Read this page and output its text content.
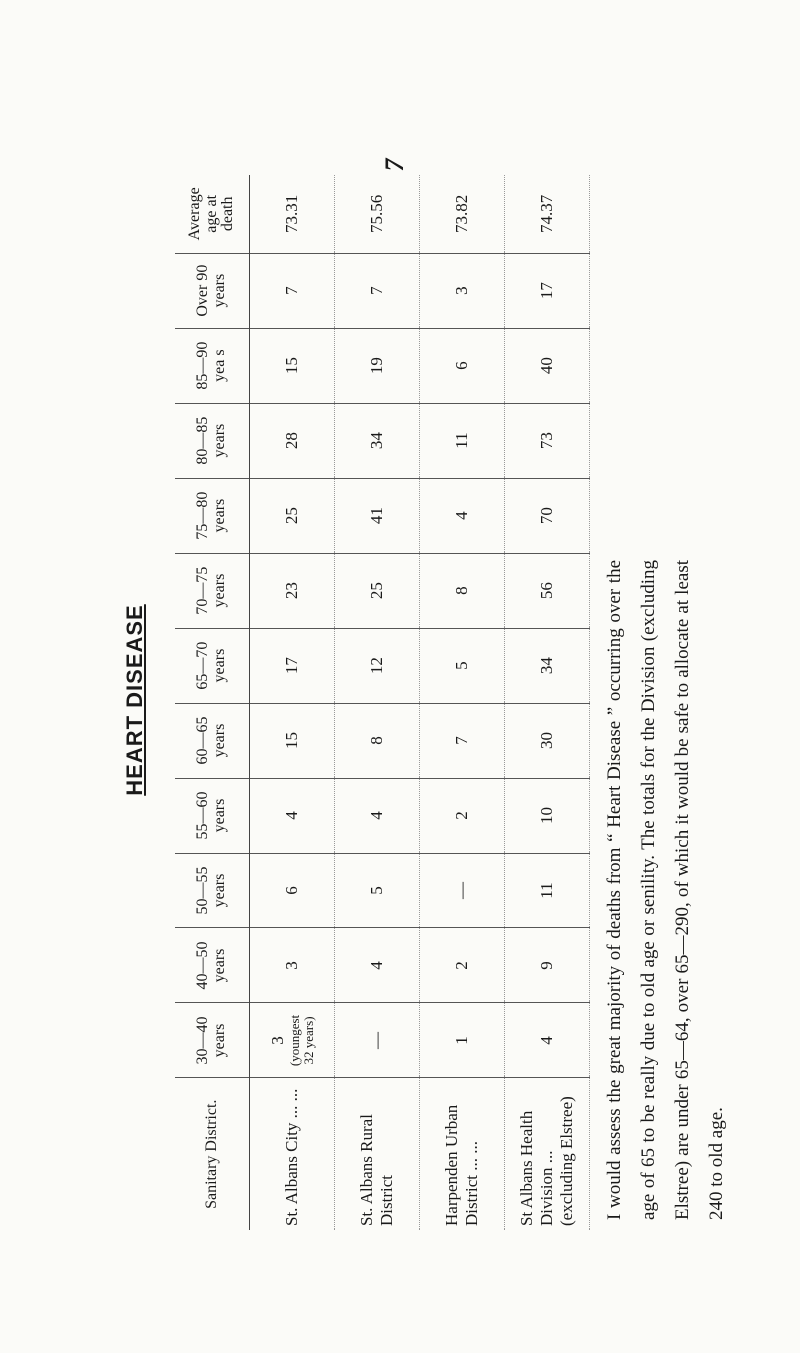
7
HEART DISEASE
Sanitary District.	30—40 years	40—50 years	50—55 years	55—60 years	60—65 years	65—70 years	70—75 years	75—80 years	80—85 years	85—90 yea s	Over 90 years	Average age at death
St. Albans City ... ...	3 (youngest 32 years)	3	6	4	15	17	23	25	28	15	7	73.31
St. Albans Rural District	—	4	5	4	8	12	25	41	34	19	7	75.56
Harpenden Urban District ... ...	1	2	—	2	7	5	8	4	11	6	3	73.82
St Albans Health Division ... (excluding Elstree)	4	9	11	10	30	34	56	70	73	40	17	74.37
I would assess the great majority of deaths from “ Heart Disease ” occurring over the age of 65 to be really due to old age or senility. The totals for the Division (excluding Elstree) are under 65—64, over 65—290, of which it would be safe to allocate at least 240 to old age.
